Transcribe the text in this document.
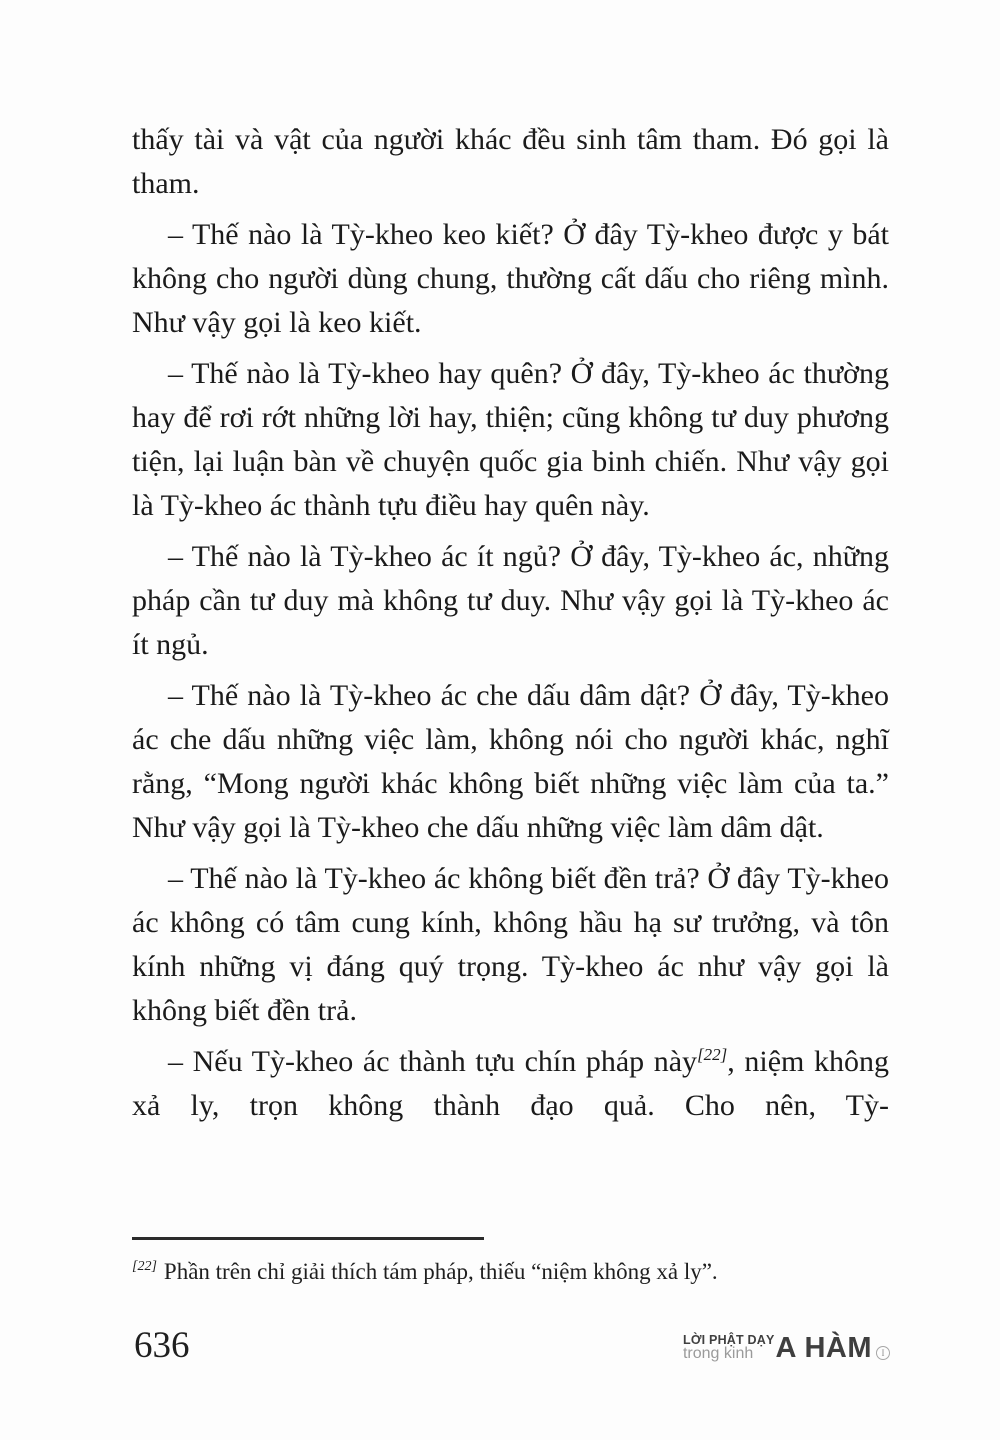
thấy tài và vật của người khác đều sinh tâm tham. Đó gọi là tham.

– Thế nào là Tỳ-kheo keo kiết? Ở đây Tỳ-kheo được y bát không cho người dùng chung, thường cất dấu cho riêng mình. Như vậy gọi là keo kiết.

– Thế nào là Tỳ-kheo hay quên? Ở đây, Tỳ-kheo ác thường hay để rơi rớt những lời hay, thiện; cũng không tư duy phương tiện, lại luận bàn về chuyện quốc gia binh chiến. Như vậy gọi là Tỳ-kheo ác thành tựu điều hay quên này.

– Thế nào là Tỳ-kheo ác ít ngủ? Ở đây, Tỳ-kheo ác, những pháp cần tư duy mà không tư duy. Như vậy gọi là Tỳ-kheo ác ít ngủ.

– Thế nào là Tỳ-kheo ác che dấu dâm dật? Ở đây, Tỳ-kheo ác che dấu những việc làm, không nói cho người khác, nghĩ rằng, “Mong người khác không biết những việc làm của ta.” Như vậy gọi là Tỳ-kheo che dấu những việc làm dâm dật.

– Thế nào là Tỳ-kheo ác không biết đền trả? Ở đây Tỳ-kheo ác không có tâm cung kính, không hầu hạ sư trưởng, và tôn kính những vị đáng quý trọng. Tỳ-kheo ác như vậy gọi là không biết đền trả.

– Nếu Tỳ-kheo ác thành tựu chín pháp này[22], niệm không xả ly, trọn không thành đạo quả. Cho nên, Tỳ-

[22] Phần trên chỉ giải thích tám pháp, thiếu “niệm không xả ly”.
636	LỜI PHẬT DẠY
trong kinh A HÀM I
